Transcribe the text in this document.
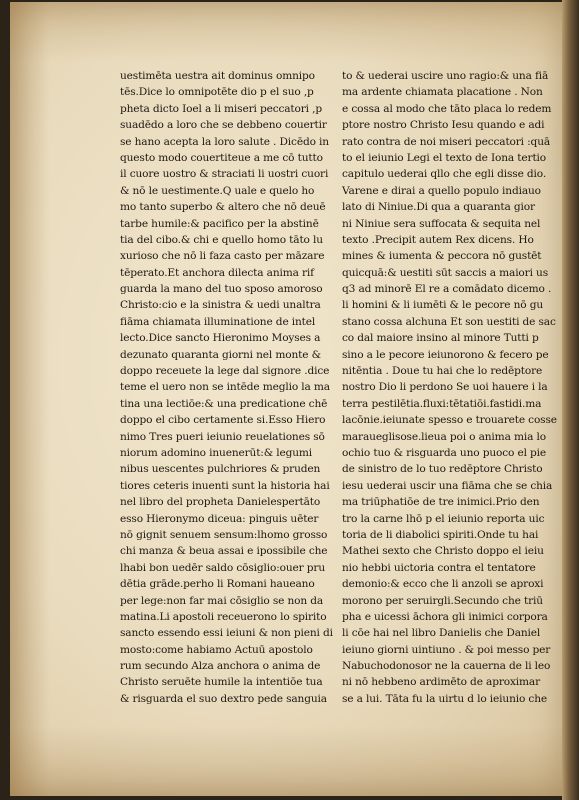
uestimēta uestra ait dominus omnipo
tēs.Dice lo omnipotēte dio p el suo ,p
pheta dicto Ioel a li miseri peccatori ,p
suadēdo a loro che se debbeno couertir
se hano acepta la loro salute . Dicēdo in
questo modo couertiteue a me cō tutto
il cuore uostro & straciati li uostri cuori
& nō le uestimente.Q uale e quelo ho
mo tanto superbo & altero che nō deuē
tarbe humile:& pacifico per la abstinē
tia del cibo.& chi e quello homo tāto lu
xurioso che nō li faza casto per māzare
tēperato.Et anchora dilecta anima rif
guarda la mano del tuo sposo amoroso
Christo:cio e la sinistra & uedi unaltra
fiāma chiamata illuminatione de intel
lecto.Dice sancto Hieronimo Moyses a
dezunato quaranta giorni nel monte &
doppo receuete la lege dal signore .dice
teme el uero non se intēde meglio la ma
tina una lectiōe:& una predicatione chē
doppo el cibo certamente si.Esso Hiero
nimo Tres pueri ieiunio reuelationes sō
niorum adomino inuenerūt:& legumi
nibus uescentes pulchriores & pruden
tiores ceteris inuenti sunt la historia hai
nel libro del propheta Danielespertāto
esso Hieronymo diceua: pinguis uēter
nō gignit senuem sensum:lhomo grosso
chi manza & beua assai e ipossibile che
lhabi bon uedēr saldo cōsiglio:ouer pru
dētia grāde.perho li Romani haueano
per lege:non far mai cōsiglio se non da
matina.Li apostoli receuerono lo spirito
sancto essendo essi ieiuni & non pieni di
mosto:come habiamo Actuū apostolo
rum secundo Alza anchora o anima de
Christo seruēte humile la intentiōe tua
& risguarda el suo dextro pede sanguia
to & uederai uscire uno ragio:& una fiā
ma ardente chiamata placatione . Non
e cossa al modo che tāto placa lo redem
ptore nostro Christo Iesu quando e adi
rato contra de noi miseri peccatori :quā
to el ieiunio Legi el texto de Iona tertio
capitulo uederai qllo che egli disse dio.
Varene e dirai a quello populo indiauo
lato di Niniue.Di qua a quaranta gior
ni Niniue sera suffocata & sequita nel
texto .Precipit autem Rex dicens. Ho
mines & iumenta & peccora nō gustēt
quicquā:& uestiti sūt saccis a maiori us
q3 ad minorē El re a comādato dicemo .
li homini & li iumēti & le pecore nō gu
stano cossa alchuna Et son uestiti de sac
co dal maiore insino al minore Tutti p
sino a le pecore ieiunorono & fecero pe
nitēntia . Doue tu hai che lo redēptore
nostro Dio li perdono Se uoi hauere i la
terra pestilētia.fluxi:tētatiōi.fastidi.ma
lacōnie.ieiunate spesso e trouarete cosse
maraueglisose.lieua poi o anima mia lo
ochio tuo & risguarda uno puoco el pie
de sinistro de lo tuo redēptore Christo
iesu uederai uscir una fiāma che se chia
ma triūphatiōe de tre inimici.Prio den
tro la carne lhō p el ieiunio reporta uic
toria de li diabolici spiriti.Onde tu hai
Mathei sexto che Christo doppo el ieiu
nio hebbi uictoria contra el tentatore
demonio:& ecco che li anzoli se aproxi
morono per seruirgli.Secundo che triū
pha e uicessi āchora gli inimici corpora
li cōe hai nel libro Danielis che Daniel
ieiuno giorni uintiuno . & poi messo per
Nabuchodonosor ne la cauerna de li leo
ni nō hebbeno ardimēto de aproximar
se a lui. Tāta fu la uirtu d lo ieiunio che
